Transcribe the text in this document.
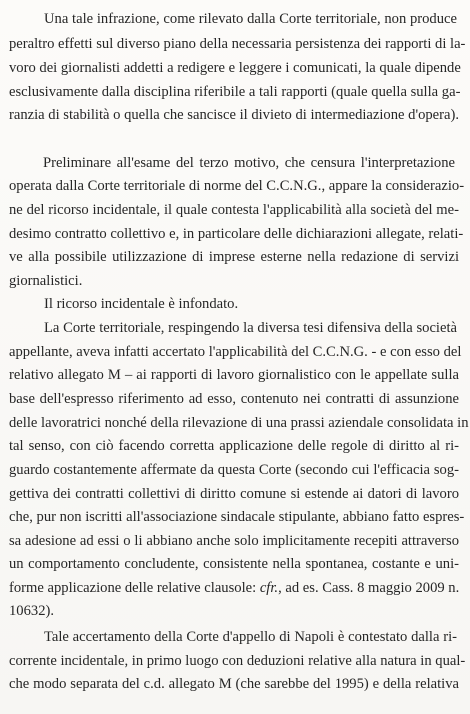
Una tale infrazione, come rilevato dalla Corte territoriale, non produce
peraltro effetti sul diverso piano della necessaria persistenza dei rapporti di la-
voro dei giornalisti addetti a redigere e leggere i comunicati, la quale dipende
esclusivamente dalla disciplina riferibile a tali rapporti (quale quella sulla ga-
ranzia di stabilità o quella che sancisce il divieto di intermediazione d'opera).
Preliminare all'esame del terzo motivo, che censura l'interpretazione
operata dalla Corte territoriale di norme del C.C.N.G., appare la considerazio-
ne del ricorso incidentale, il quale contesta l'applicabilità alla società del me-
desimo contratto collettivo e, in particolare delle dichiarazioni allegate, relati-
ve alla possibile utilizzazione di imprese esterne nella redazione di servizi
giornalistici.
Il ricorso incidentale è infondato.
La Corte territoriale, respingendo la diversa tesi difensiva della società
appellante, aveva infatti accertato l'applicabilità del C.C.N.G. - e con esso del
relativo allegato M – ai rapporti di lavoro giornalistico con le appellate sulla
base dell'espresso riferimento ad esso, contenuto nei contratti di assunzione
delle lavoratrici nonché della rilevazione di una prassi aziendale consolidata in
tal senso, con ciò facendo corretta applicazione delle regole di diritto al ri-
guardo costantemente affermate da questa Corte (secondo cui l'efficacia sog-
gettiva dei contratti collettivi di diritto comune si estende ai datori di lavoro
che, pur non iscritti all'associazione sindacale stipulante, abbiano fatto espres-
sa adesione ad essi o li abbiano anche solo implicitamente recepiti attraverso
un comportamento concludente, consistente nella spontanea, costante e uni-
forme applicazione delle relative clausole: cfr., ad es. Cass. 8 maggio 2009 n.
10632).
Tale accertamento della Corte d'appello di Napoli è contestato dalla ri-
corrente incidentale, in primo luogo con deduzioni relative alla natura in qual-
che modo separata del c.d. allegato M (che sarebbe del 1995) e della relativa
